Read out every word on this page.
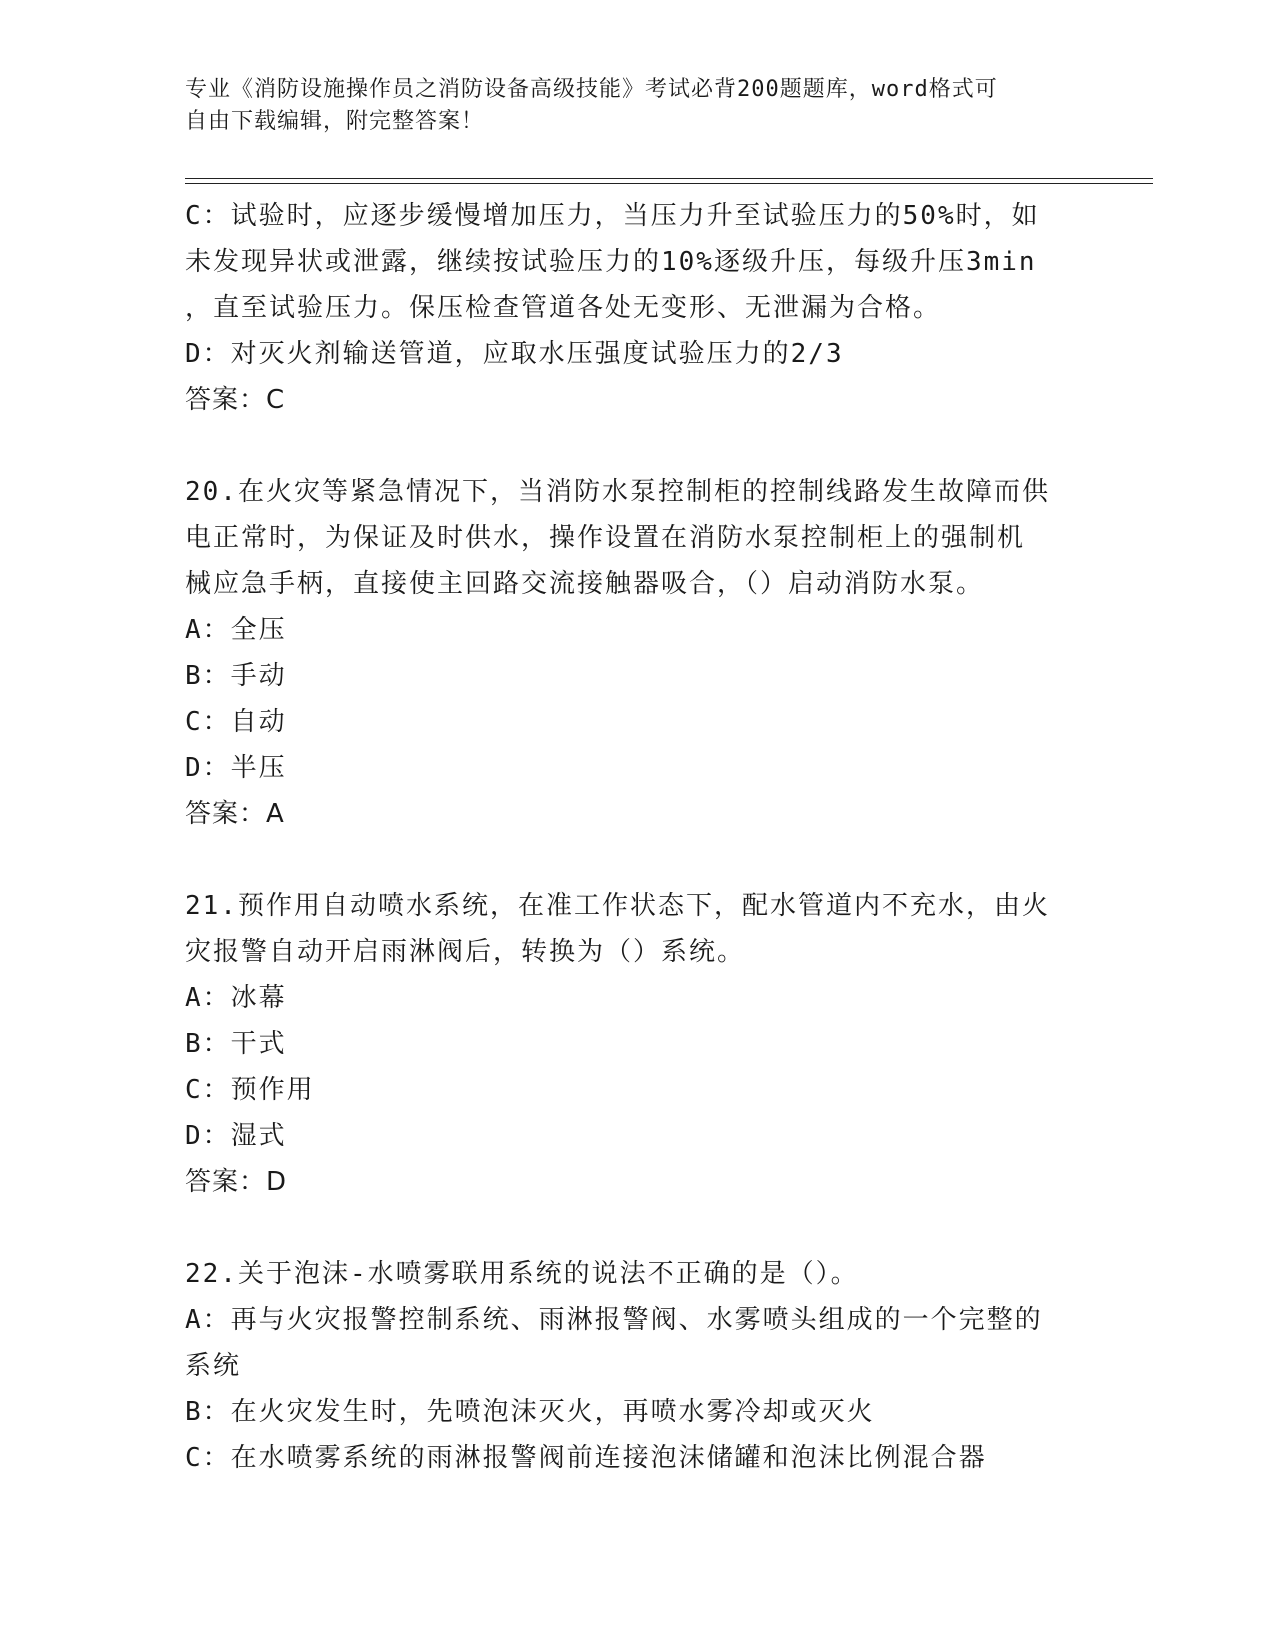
专业《消防设施操作员之消防设备高级技能》考试必背200题题库，word格式可
自由下载编辑，附完整答案！
C：试验时，应逐步缓慢增加压力，当压力升至试验压力的50%时，如
未发现异状或泄露，继续按试验压力的10%逐级升压，每级升压3min
，直至试验压力。保压检查管道各处无变形、无泄漏为合格。
D：对灭火剂输送管道，应取水压强度试验压力的2/3
答案：C
20.在火灾等紧急情况下，当消防水泵控制柜的控制线路发生故障而供
电正常时，为保证及时供水，操作设置在消防水泵控制柜上的强制机
械应急手柄，直接使主回路交流接触器吸合，（）启动消防水泵。
A：全压
B：手动
C：自动
D：半压
答案：A
21.预作用自动喷水系统，在准工作状态下，配水管道内不充水，由火
灾报警自动开启雨淋阀后，转换为（）系统。
A：冰幕
B：干式
C：预作用
D：湿式
答案：D
22.关于泡沫-水喷雾联用系统的说法不正确的是（）。
A：再与火灾报警控制系统、雨淋报警阀、水雾喷头组成的一个完整的
系统
B：在火灾发生时，先喷泡沫灭火，再喷水雾冷却或灭火
C：在水喷雾系统的雨淋报警阀前连接泡沫储罐和泡沫比例混合器
